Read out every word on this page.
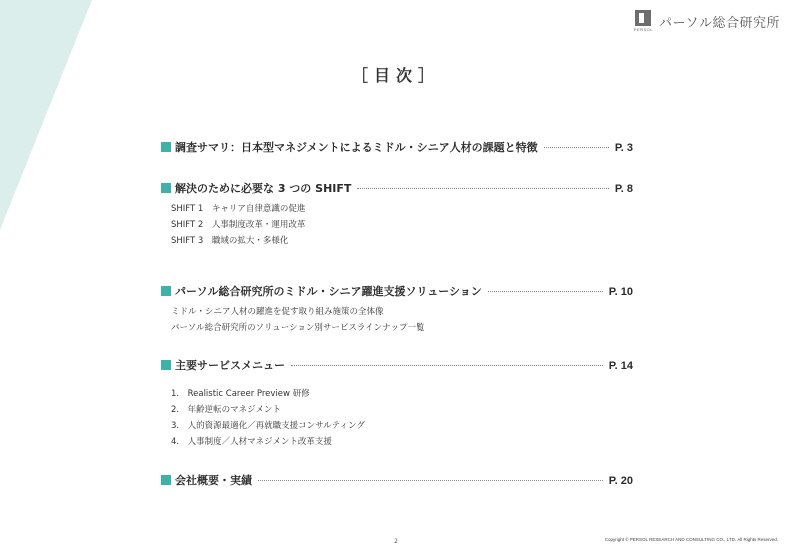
PERSOL パーソル総合研究所
［目次］
調査サマリ：日本型マネジメントによるミドル・シニア人材の課題と特徴	P. 3
解決のために必要な 3 つの SHIFT	P. 8
SHIFT 1　キャリア自律意識の促進
SHIFT 2　人事制度改革・運用改革
SHIFT 3　職域の拡大・多様化
パーソル総合研究所のミドル・シニア躍進支援ソリューション	P. 10
ミドル・シニア人材の躍進を促す取り組み施策の全体像
パーソル総合研究所のソリューション別サービスラインナップ一覧
主要サービスメニュー	P. 14
1.　Realistic Career Preview 研修
2.　年齢逆転のマネジメント
3.　人的資源最適化／再就職支援コンサルティング
4.　人事制度／人材マネジメント改革支援
会社概要・実績	P. 20
2	Copyright © PERSOL RESEARCH AND CONSULTING CO., LTD. All Rights Reserved.
